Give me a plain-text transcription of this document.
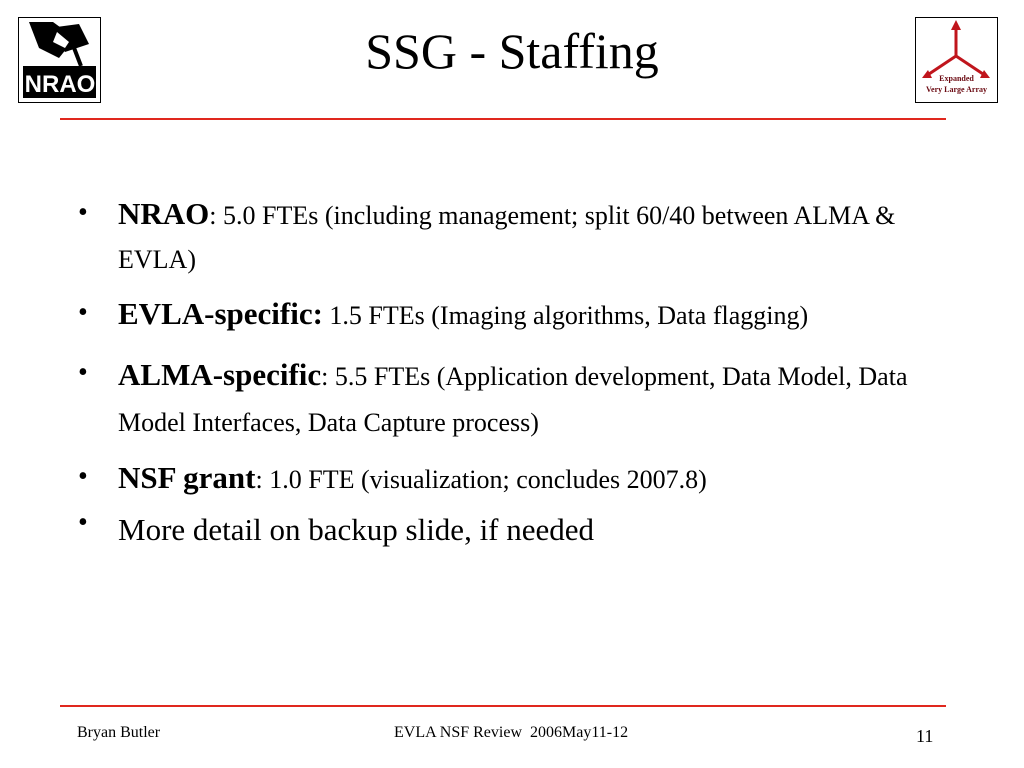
NRAO
SSG - Staffing	Expanded
Very Large Array
• NRAO: 5.0 FTEs (including management; split 60/40 between ALMA & EVLA)
• EVLA-specific: 1.5 FTEs (Imaging algorithms, Data flagging)
• ALMA-specific: 5.5 FTEs (Application development, Data Model, Data Model Interfaces, Data Capture process)
• NSF grant: 1.0 FTE (visualization; concludes 2007.8)
• More detail on backup slide, if needed
Bryan Butler	EVLA NSF Review  2006May11-12	11
